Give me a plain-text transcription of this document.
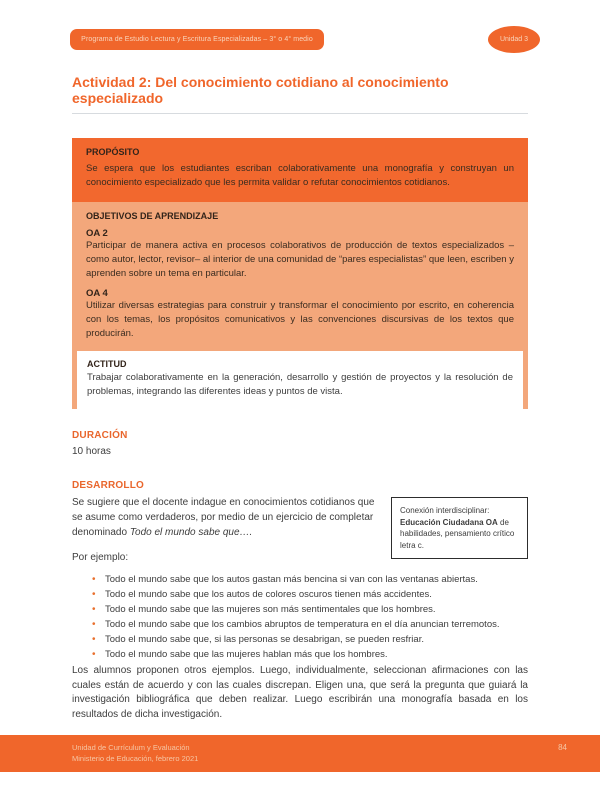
Programa de Estudio Lectura y Escritura Especializadas – 3° o 4° medio	Unidad 3
Actividad 2: Del conocimiento cotidiano al conocimiento especializado
PROPÓSITO
Se espera que los estudiantes escriban colaborativamente una monografía y construyan un conocimiento especializado que les permita validar o refutar conocimientos cotidianos.
OBJETIVOS DE APRENDIZAJE
OA 2
Participar de manera activa en procesos colaborativos de producción de textos especializados –como autor, lector, revisor– al interior de una comunidad de “pares especialistas” que leen, escriben y aprenden sobre un tema en particular.
OA 4
Utilizar diversas estrategias para construir y transformar el conocimiento por escrito, en coherencia con los temas, los propósitos comunicativos y las convenciones discursivas de los textos que producirán.
ACTITUD
Trabajar colaborativamente en la generación, desarrollo y gestión de proyectos y la resolución de problemas, integrando las diferentes ideas y puntos de vista.
DURACIÓN
10 horas
DESARROLLO
Conexión interdisciplinar:
Educación Ciudadana OA de habilidades, pensamiento crítico letra c.
Se sugiere que el docente indague en conocimientos cotidianos que se asume como verdaderos, por medio de un ejercicio de completar denominado Todo el mundo sabe que….
Por ejemplo:
• Todo el mundo sabe que los autos gastan más bencina si van con las ventanas abiertas.
• Todo el mundo sabe que los autos de colores oscuros tienen más accidentes.
• Todo el mundo sabe que las mujeres son más sentimentales que los hombres.
• Todo el mundo sabe que los cambios abruptos de temperatura en el día anuncian terremotos.
• Todo el mundo sabe que, si las personas se desabrigan, se pueden resfriar.
• Todo el mundo sabe que las mujeres hablan más que los hombres.
Los alumnos proponen otros ejemplos. Luego, individualmente, seleccionan afirmaciones con las cuales están de acuerdo y con las cuales discrepan. Eligen una, que será la pregunta que guiará la investigación bibliográfica que deben realizar. Luego escribirán una monografía basada en los resultados de dicha investigación.
Unidad de Currículum y Evaluación
Ministerio de Educación, febrero 2021
84
